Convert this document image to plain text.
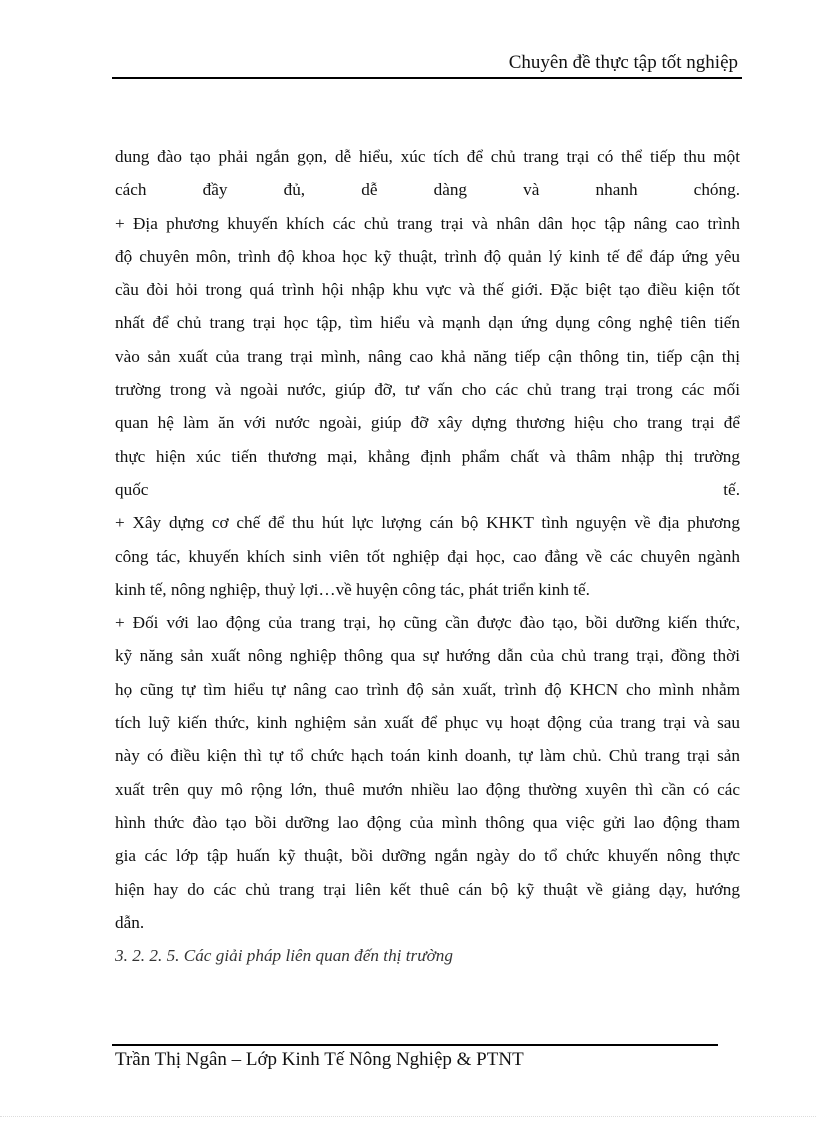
Chuyên đề thực tập tốt nghiệp
dung đào tạo phải ngắn gọn, dễ hiểu, xúc tích để chủ trang trại có thể tiếp thu một
cách đầy đủ, dễ dàng và nhanh chóng.
+ Địa phương khuyến khích các chủ trang trại và nhân dân học tập nâng cao trình
độ chuyên môn, trình độ khoa học kỹ thuật, trình độ quản lý kinh tế để đáp ứng yêu
cầu đòi hỏi trong quá trình hội nhập khu vực và thế giới. Đặc biệt tạo điều kiện tốt
nhất để chủ trang trại học tập, tìm hiểu và mạnh dạn ứng dụng công nghệ tiên tiến
vào sản xuất của trang trại mình, nâng cao khả năng tiếp cận thông tin, tiếp cận thị
trường trong và ngoài nước, giúp đỡ, tư vấn cho các chủ trang trại trong các mối
quan hệ làm ăn với nước ngoài, giúp đỡ xây dựng thương hiệu cho trang trại để
thực hiện xúc tiến thương mại, khẳng định phẩm chất và thâm nhập thị trường
quốc tế.
+ Xây dựng cơ chế để thu hút lực lượng cán bộ KHKT tình nguyện về địa phương
công tác, khuyến khích sinh viên tốt nghiệp đại học, cao đẳng về các chuyên ngành
kinh tế, nông nghiệp, thuỷ lợi…về huyện công tác, phát triển kinh tế.
+ Đối với lao động của trang trại, họ cũng cần được đào tạo, bồi dưỡng kiến thức,
kỹ năng sản xuất nông nghiệp thông qua sự hướng dẫn của chủ trang trại, đồng thời
họ cũng tự tìm hiểu tự nâng cao trình độ sản xuất, trình độ KHCN cho mình nhằm
tích luỹ kiến thức, kinh nghiệm sản xuất để phục vụ hoạt động của trang trại và sau
này có điều kiện thì tự tổ chức hạch toán kinh doanh, tự làm chủ. Chủ trang trại sản
xuất trên quy mô rộng lớn, thuê mướn nhiều lao động thường xuyên thì cần có các
hình thức đào tạo bồi dưỡng lao động của mình thông qua việc gửi lao động tham
gia các lớp tập huấn kỹ thuật, bồi dưỡng ngắn ngày do tổ chức khuyến nông thực
hiện hay do các chủ trang trại liên kết thuê cán bộ kỹ thuật về giảng dạy, hướng
dẫn.
3. 2. 2. 5. Các giải pháp liên quan đến thị trường
Trần Thị Ngân – Lớp Kinh Tế Nông Nghiệp & PTNT
